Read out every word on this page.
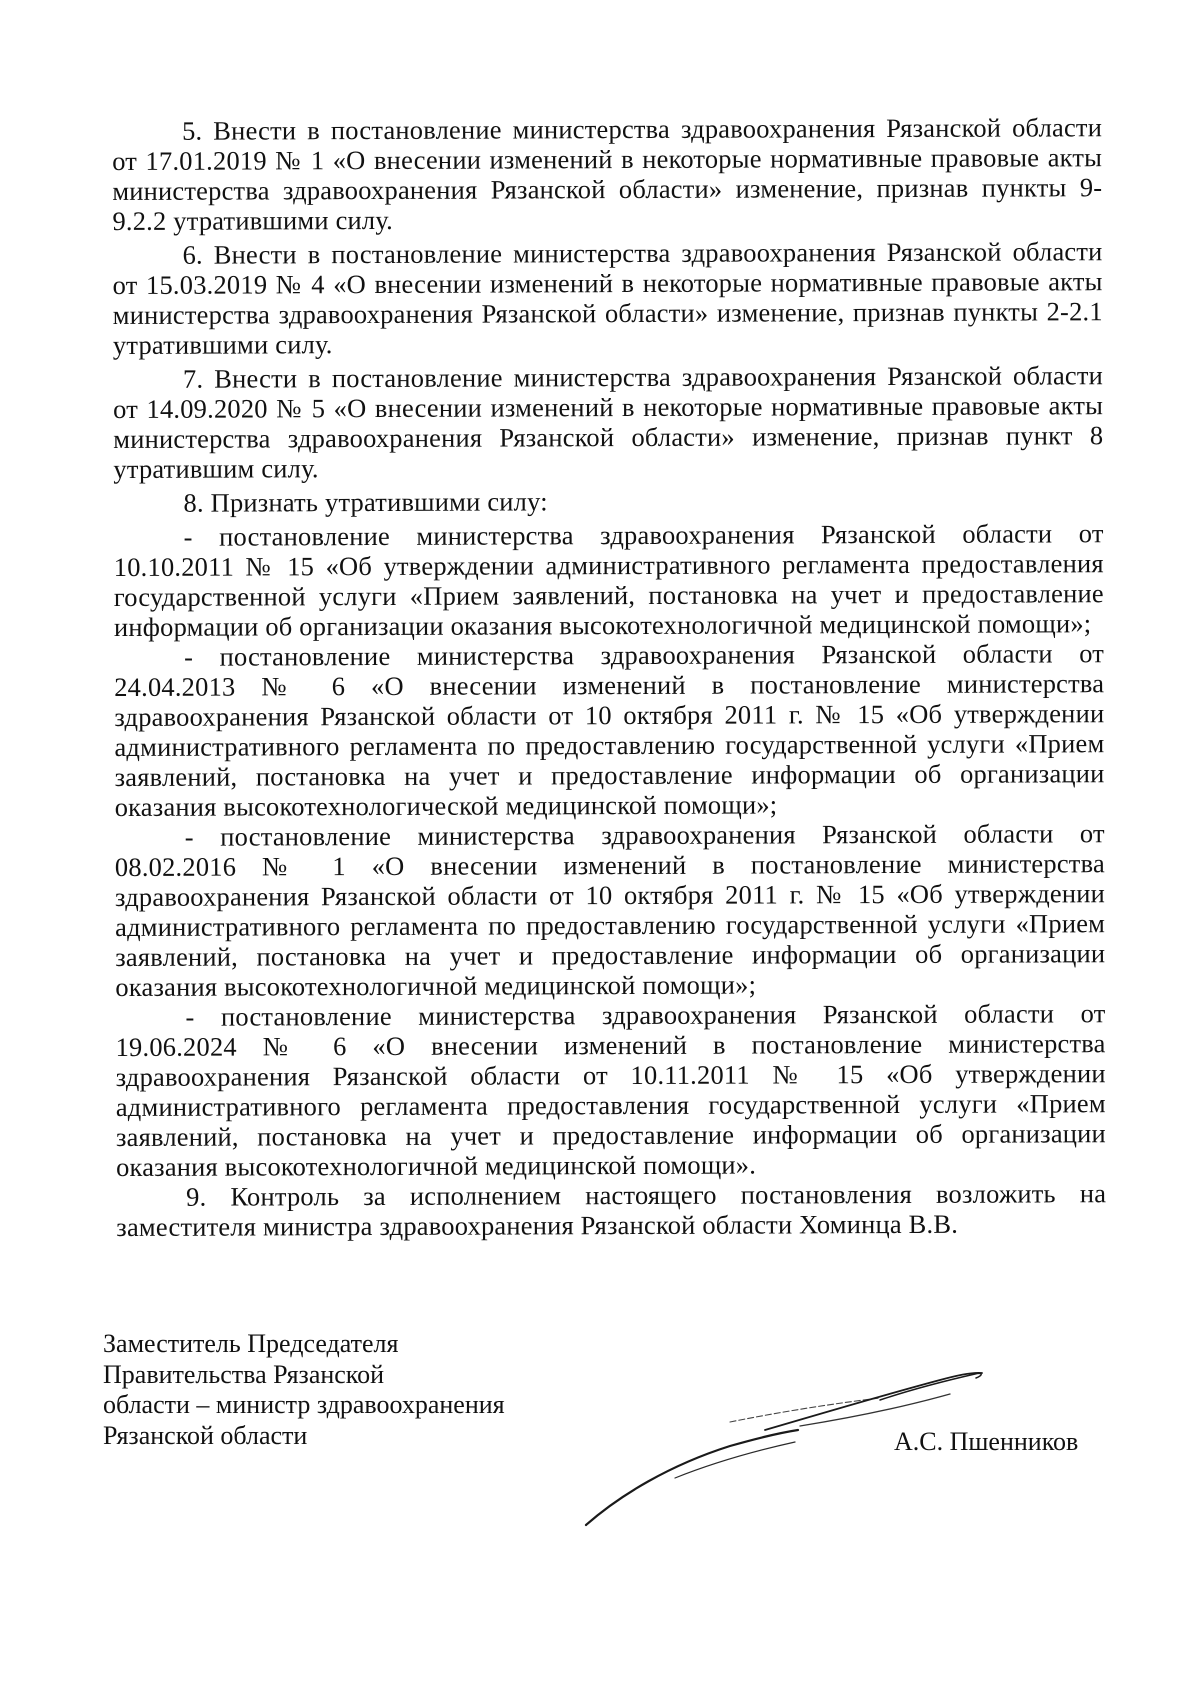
5. Внести в постановление министерства здравоохранения Рязанской области от 17.01.2019 № 1 «О внесении изменений в некоторые нормативные правовые акты министерства здравоохранения Рязанской области» изменение, признав пункты 9-9.2.2 утратившими силу.

6. Внести в постановление министерства здравоохранения Рязанской области от 15.03.2019 № 4 «О внесении изменений в некоторые нормативные правовые акты министерства здравоохранения Рязанской области» изменение, признав пункты 2-2.1 утратившими силу.

7. Внести в постановление министерства здравоохранения Рязанской области от 14.09.2020 № 5 «О внесении изменений в некоторые нормативные правовые акты министерства здравоохранения Рязанской области» изменение, признав пункт 8 утратившим силу.

8. Признать утратившими силу:

- постановление министерства здравоохранения Рязанской области от 10.10.2011 № 15 «Об утверждении административного регламента предоставления государственной услуги «Прием заявлений, постановка на учет и предоставление информации об организации оказания высокотехнологичной медицинской помощи»;

- постановление министерства здравоохранения Рязанской области от 24.04.2013 № 6 «О внесении изменений в постановление министерства здравоохранения Рязанской области от 10 октября 2011 г. № 15 «Об утверждении административного регламента по предоставлению государственной услуги «Прием заявлений, постановка на учет и предоставление информации об организации оказания высокотехнологической медицинской помощи»;

- постановление министерства здравоохранения Рязанской области от 08.02.2016 № 1 «О внесении изменений в постановление министерства здравоохранения Рязанской области от 10 октября 2011 г. № 15 «Об утверждении административного регламента по предоставлению государственной услуги «Прием заявлений, постановка на учет и предоставление информации об организации оказания высокотехнологичной медицинской помощи»;

- постановление министерства здравоохранения Рязанской области от 19.06.2024 № 6 «О внесении изменений в постановление министерства здравоохранения Рязанской области от 10.11.2011 № 15 «Об утверждении административного регламента предоставления государственной услуги «Прием заявлений, постановка на учет и предоставление информации об организации оказания высокотехнологичной медицинской помощи».

9. Контроль за исполнением настоящего постановления возложить на заместителя министра здравоохранения Рязанской области Хоминца В.В.

Заместитель Председателя
Правительства Рязанской
области – министр здравоохранения
Рязанской области	А.С. Пшенников
